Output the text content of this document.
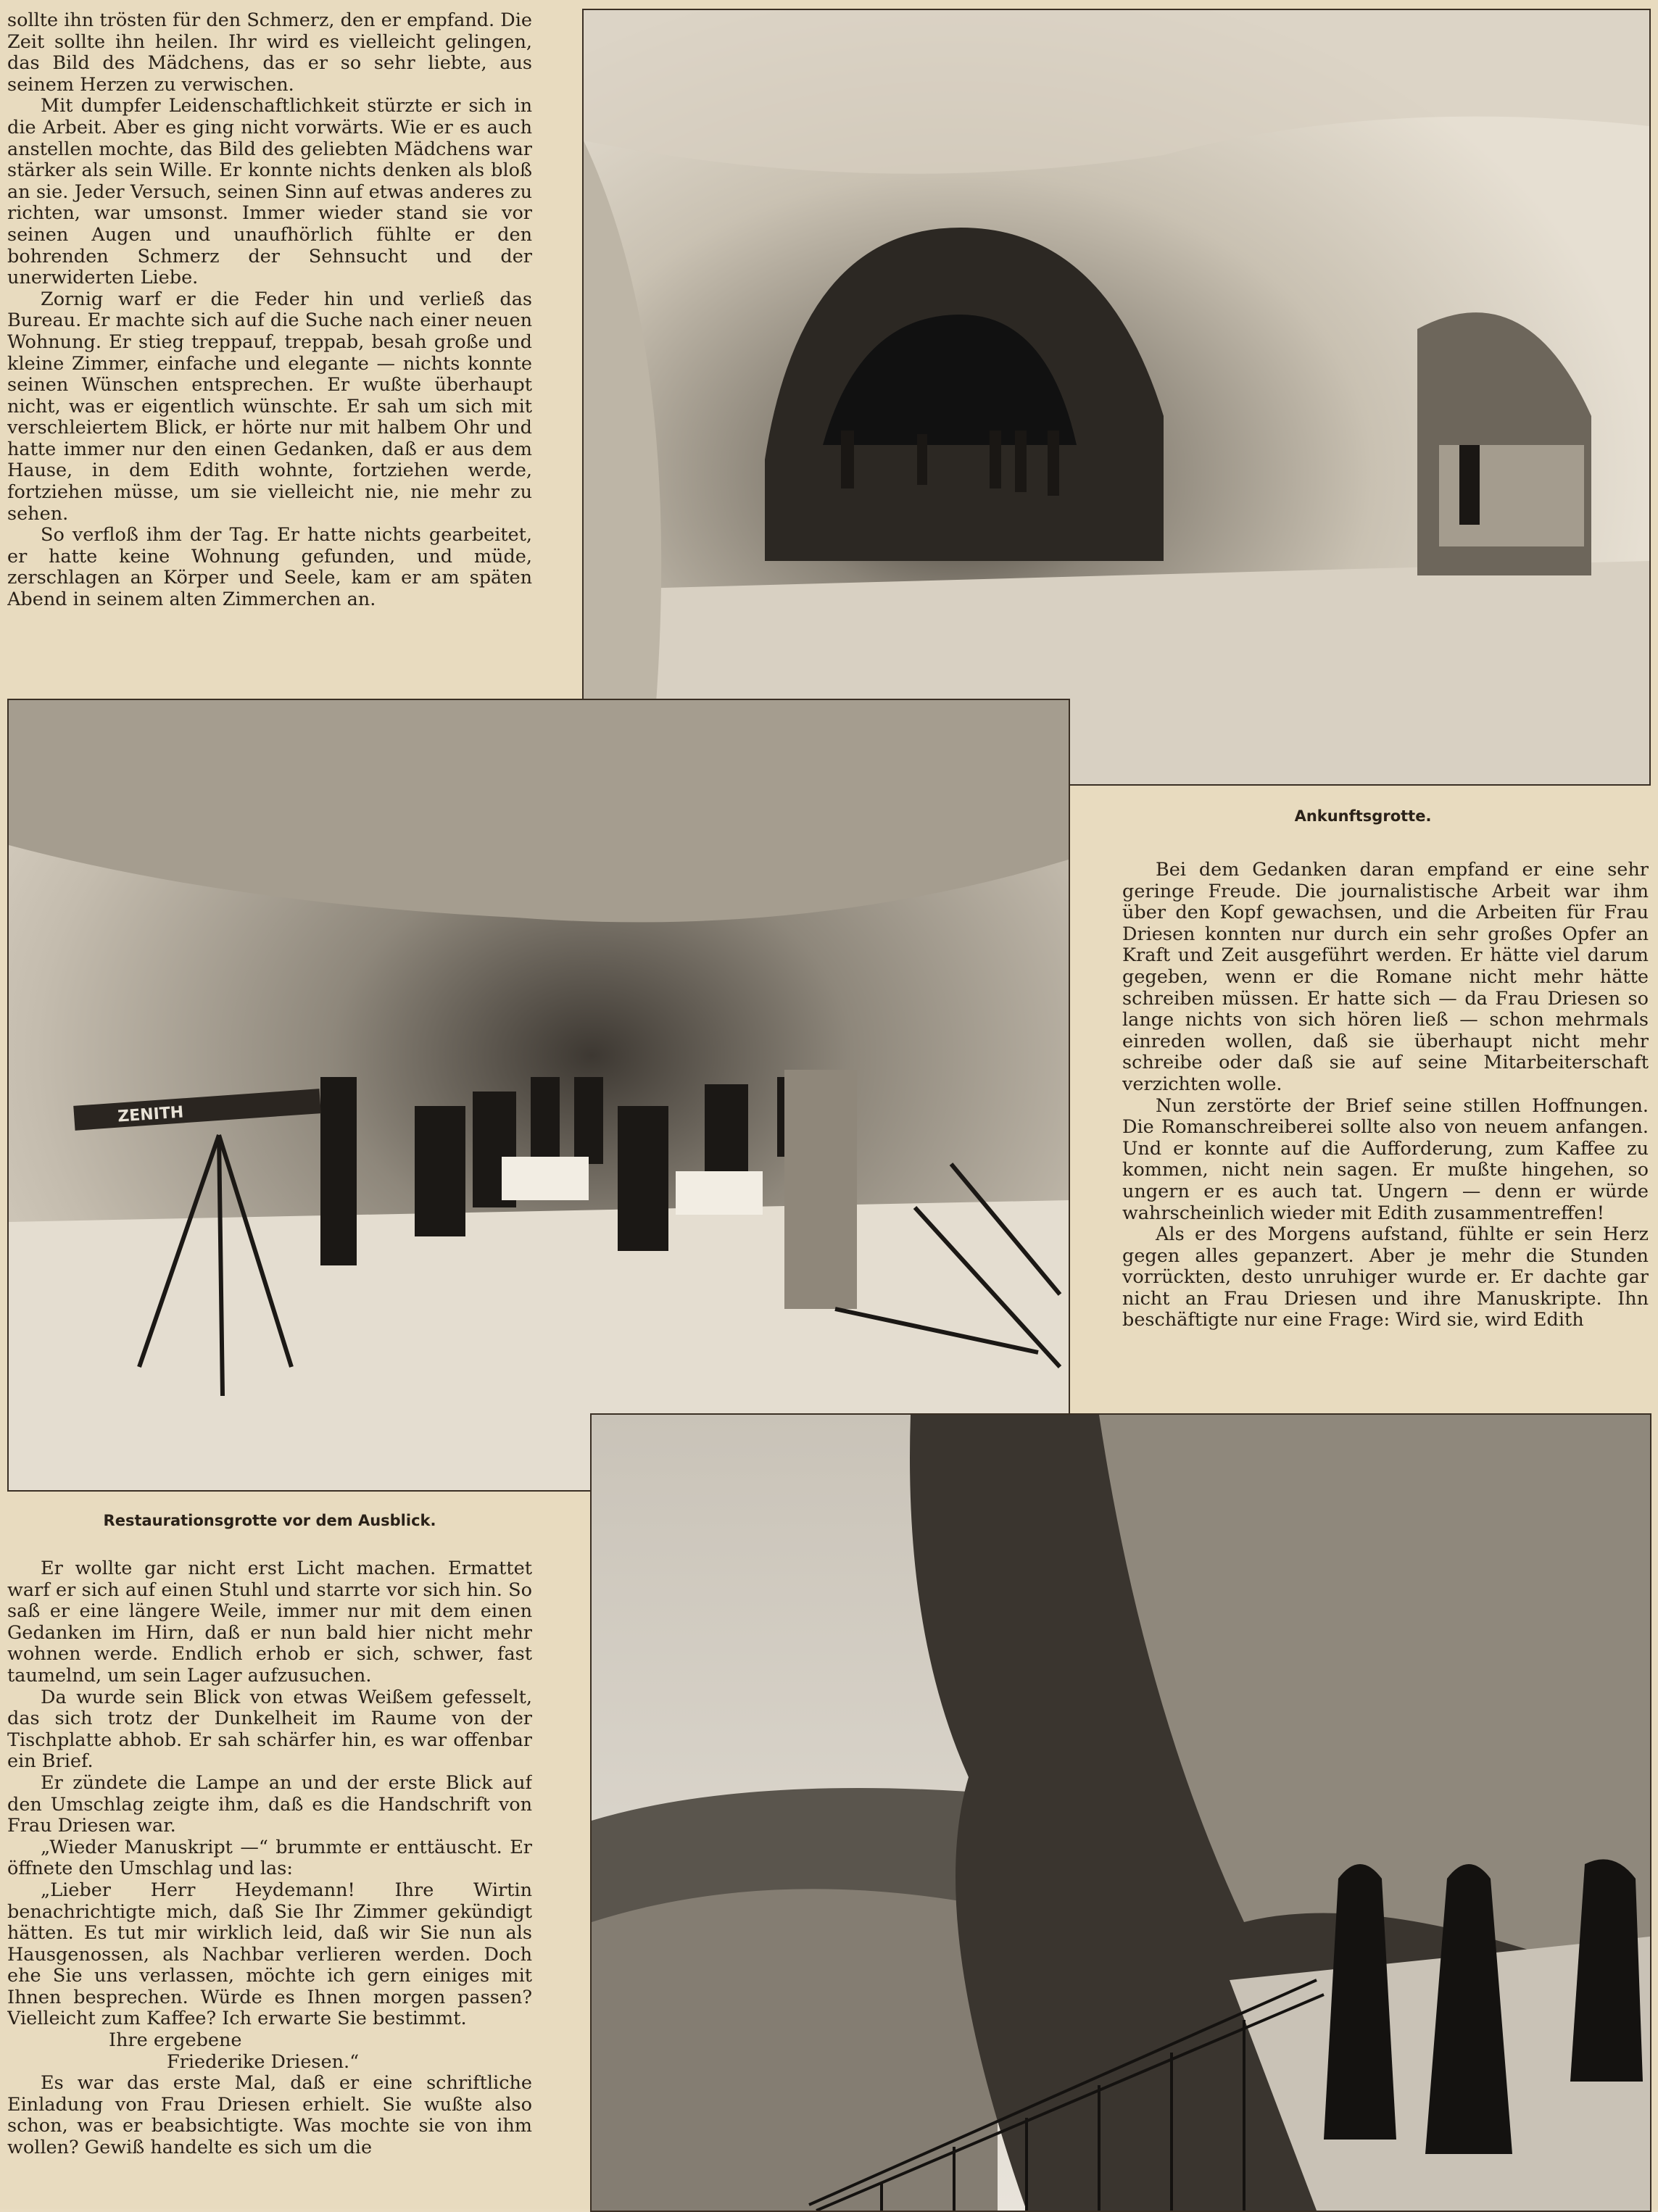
sollte ihn trösten für den Schmerz, den er empfand. Die Zeit sollte ihn heilen. Ihr wird es vielleicht gelingen, das Bild des Mädchens, das er so sehr liebte, aus seinem Herzen zu verwischen.

Mit dumpfer Leidenschaftlichkeit stürzte er sich in die Arbeit. Aber es ging nicht vorwärts. Wie er es auch anstellen mochte, das Bild des geliebten Mädchens war stärker als sein Wille. Er konnte nichts denken als bloß an sie. Jeder Versuch, seinen Sinn auf etwas anderes zu richten, war umsonst. Immer wieder stand sie vor seinen Augen und unaufhörlich fühlte er den bohrenden Schmerz der Sehnsucht und der unerwiderten Liebe.

Zornig warf er die Feder hin und verließ das Bureau. Er machte sich auf die Suche nach einer neuen Wohnung. Er stieg treppauf, treppab, besah große und kleine Zimmer, einfache und elegante — nichts konnte seinen Wünschen entsprechen. Er wußte überhaupt nicht, was er eigentlich wünschte. Er sah um sich mit verschleiertem Blick, er hörte nur mit halbem Ohr und hatte immer nur den einen Gedanken, daß er aus dem Hause, in dem Edith wohnte, fortziehen werde, fortziehen müsse, um sie vielleicht nie, nie mehr zu sehen.

So verfloß ihm der Tag. Er hatte nichts gearbeitet, er hatte keine Wohnung gefunden, und müde, zerschlagen an Körper und Seele, kam er am späten Abend in seinem alten Zimmerchen an.

Ankunftsgrotte.
ZENITH

Bei dem Gedanken daran empfand er eine sehr geringe Freude. Die journalistische Arbeit war ihm über den Kopf gewachsen, und die Arbeiten für Frau Driesen konnten nur durch ein sehr großes Opfer an Kraft und Zeit ausgeführt werden. Er hätte viel darum gegeben, wenn er die Romane nicht mehr hätte schreiben müssen. Er hatte sich — da Frau Driesen so lange nichts von sich hören ließ — schon mehrmals einreden wollen, daß sie überhaupt nicht mehr schreibe oder daß sie auf seine Mitarbeiterschaft verzichten wolle.

Nun zerstörte der Brief seine stillen Hoffnungen. Die Romanschreiberei sollte also von neuem anfangen. Und er konnte auf die Aufforderung, zum Kaffee zu kommen, nicht nein sagen. Er mußte hingehen, so ungern er es auch tat. Ungern — denn er würde wahrscheinlich wieder mit Edith zusammentreffen!

Als er des Morgens aufstand, fühlte er sein Herz gegen alles gepanzert. Aber je mehr die Stunden vorrückten, desto unruhiger wurde er. Er dachte gar nicht an Frau Driesen und ihre Manuskripte. Ihn beschäftigte nur eine Frage: Wird sie, wird Edith

Restaurationsgrotte vor dem Ausblick.

Er wollte gar nicht erst Licht machen. Ermattet warf er sich auf einen Stuhl und starrte vor sich hin. So saß er eine längere Weile, immer nur mit dem einen Gedanken im Hirn, daß er nun bald hier nicht mehr wohnen werde. Endlich erhob er sich, schwer, fast taumelnd, um sein Lager aufzusuchen.

Da wurde sein Blick von etwas Weißem gefesselt, das sich trotz der Dunkelheit im Raume von der Tischplatte abhob. Er sah schärfer hin, es war offenbar ein Brief.

Er zündete die Lampe an und der erste Blick auf den Umschlag zeigte ihm, daß es die Handschrift von Frau Driesen war.

„Wieder Manuskript —“ brummte er enttäuscht. Er öffnete den Umschlag und las:

„Lieber Herr Heydemann! Ihre Wirtin benachrichtigte mich, daß Sie Ihr Zimmer gekündigt hätten. Es tut mir wirklich leid, daß wir Sie nun als Hausgenossen, als Nachbar verlieren werden. Doch ehe Sie uns verlassen, möchte ich gern einiges mit Ihnen besprechen. Würde es Ihnen morgen passen? Vielleicht zum Kaffee? Ich erwarte Sie bestimmt.

Ihre ergebene

Friederike Driesen.“

Es war das erste Mal, daß er eine schriftliche Einladung von Frau Driesen erhielt. Sie wußte also schon, was er beabsichtigte. Was mochte sie von ihm wollen? Gewiß handelte es sich um die
